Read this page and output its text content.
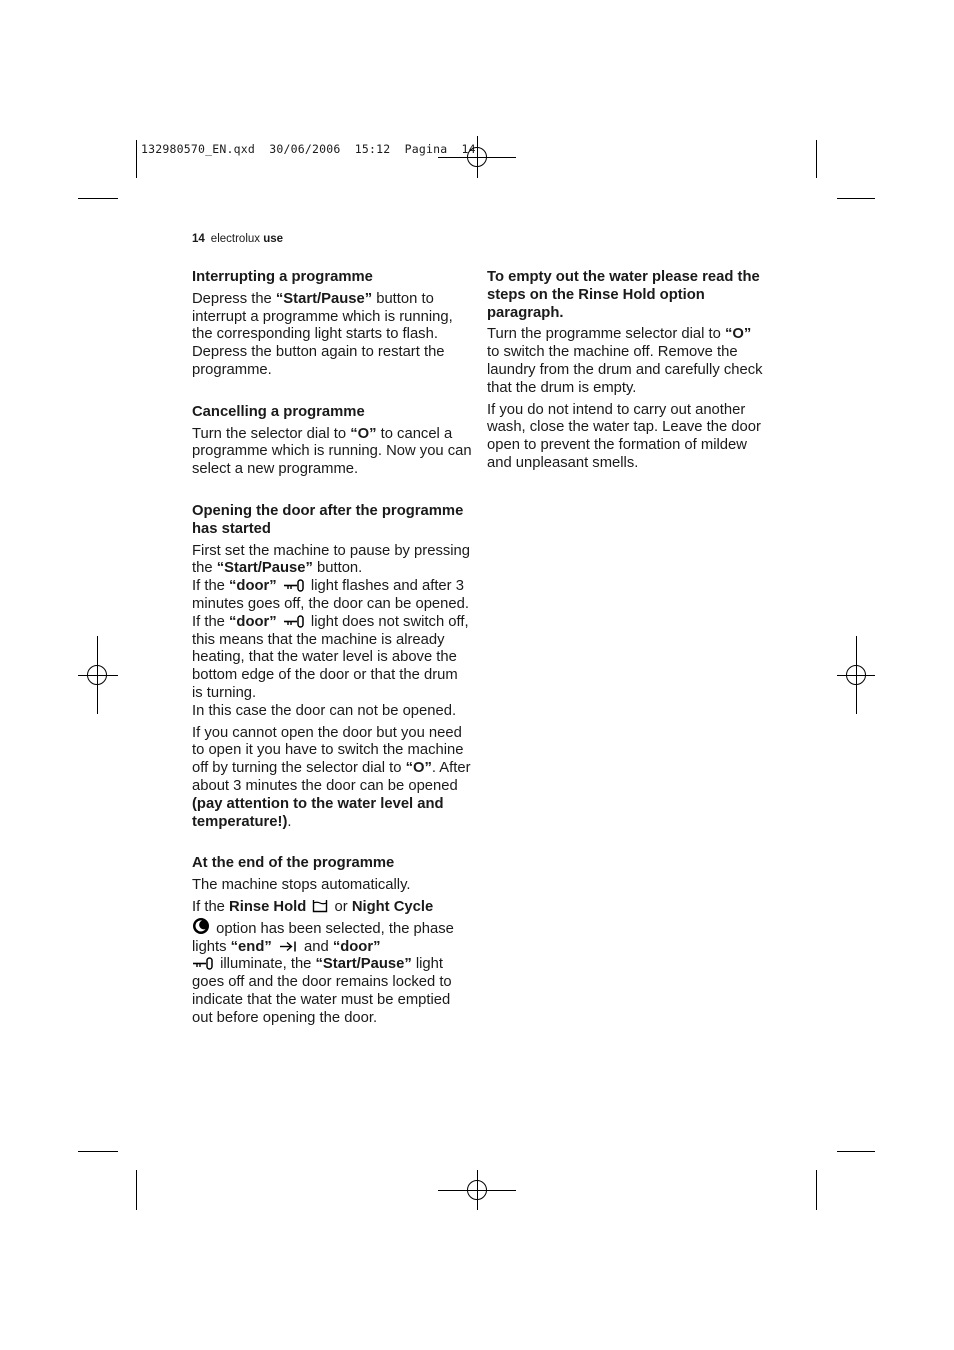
132980570_EN.qxd  30/06/2006  15:12  Pagina  14
14 electrolux use
Interrupting a programme

Depress the “Start/Pause” button to interrupt a programme which is running, the corresponding light starts to flash. Depress the button again to restart the programme.

Cancelling a programme

Turn the selector dial to “O” to cancel a programme which is running. Now you can select a new programme.

Opening the door after the programme has started

First set the machine to pause by pressing the “Start/Pause” button.
If the “door”  light flashes and after 3 minutes goes off, the door can be opened.
If the “door”  light does not switch off, this means that the machine is already heating, that the water level is above the bottom edge of the door or that the drum is turning.
In this case the door can not be opened.

If you cannot open the door but you need to open it you have to switch the machine off by turning the selector dial to “O”. After about 3 minutes the door can be opened (pay attention to the water level and temperature!).

At the end of the programme

The machine stops automatically.

If the Rinse Hold  or Night Cycle
option has been selected, the phase lights “end”  and “door”
illuminate, the “Start/Pause” light goes off and the door remains locked to indicate that the water must be emptied out before opening the door.

To empty out the water please read the steps on the Rinse Hold option paragraph.

Turn the programme selector dial to “O” to switch the machine off. Remove the laundry from the drum and carefully check that the drum is empty.

If you do not intend to carry out another wash, close the water tap. Leave the door open to prevent the formation of mildew and unpleasant smells.
